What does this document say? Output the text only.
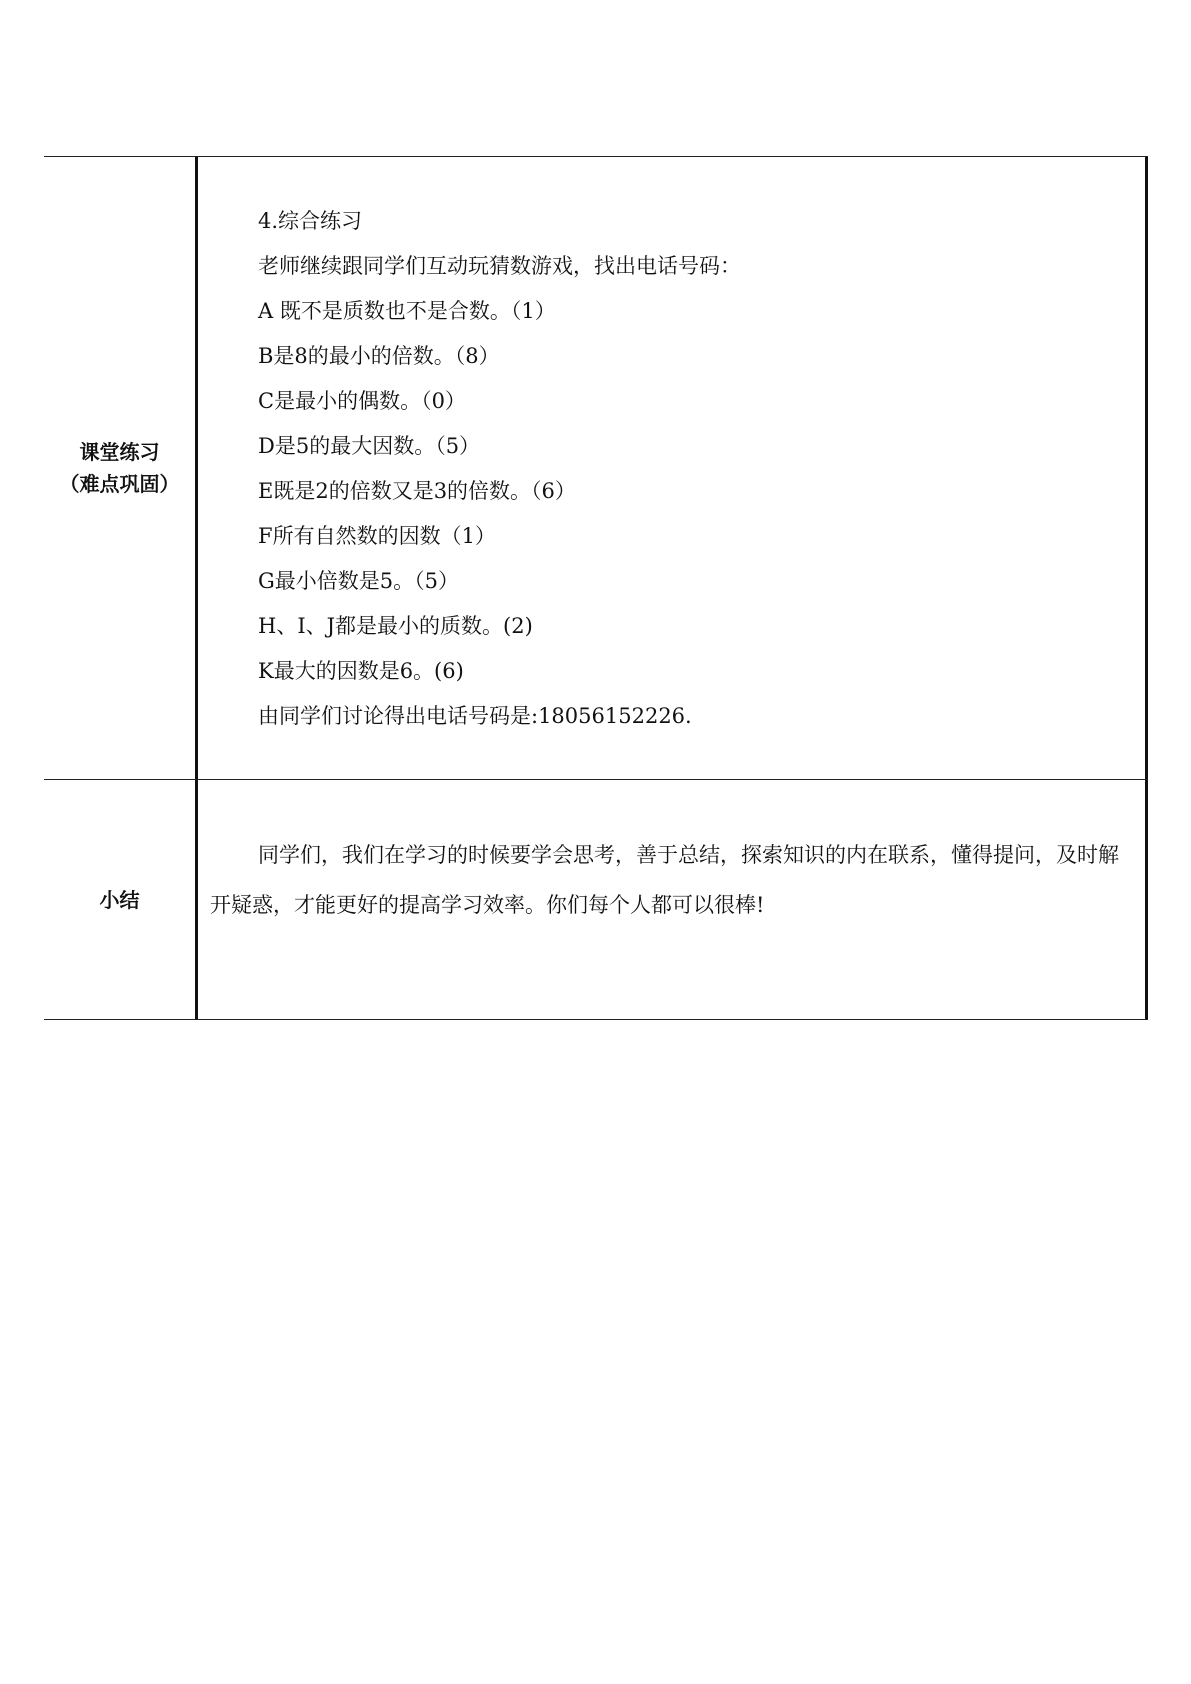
课堂练习
（难点巩固）
4.综合练习
老师继续跟同学们互动玩猜数游戏，找出电话号码：
A 既不是质数也不是合数。（1）
B是8的最小的倍数。（8）
C是最小的偶数。（0）
D是5的最大因数。（5）
E既是2的倍数又是3的倍数。（6）
F所有自然数的因数（1）
G最小倍数是5。（5）
H、I、J都是最小的质数。(2)
K最大的因数是6。(6)
由同学们讨论得出电话号码是:18056152226.
小结

同学们，我们在学习的时候要学会思考，善于总结，探索知识的内在联系，懂得提问，及时解开疑惑，才能更好的提高学习效率。你们每个人都可以很棒!
